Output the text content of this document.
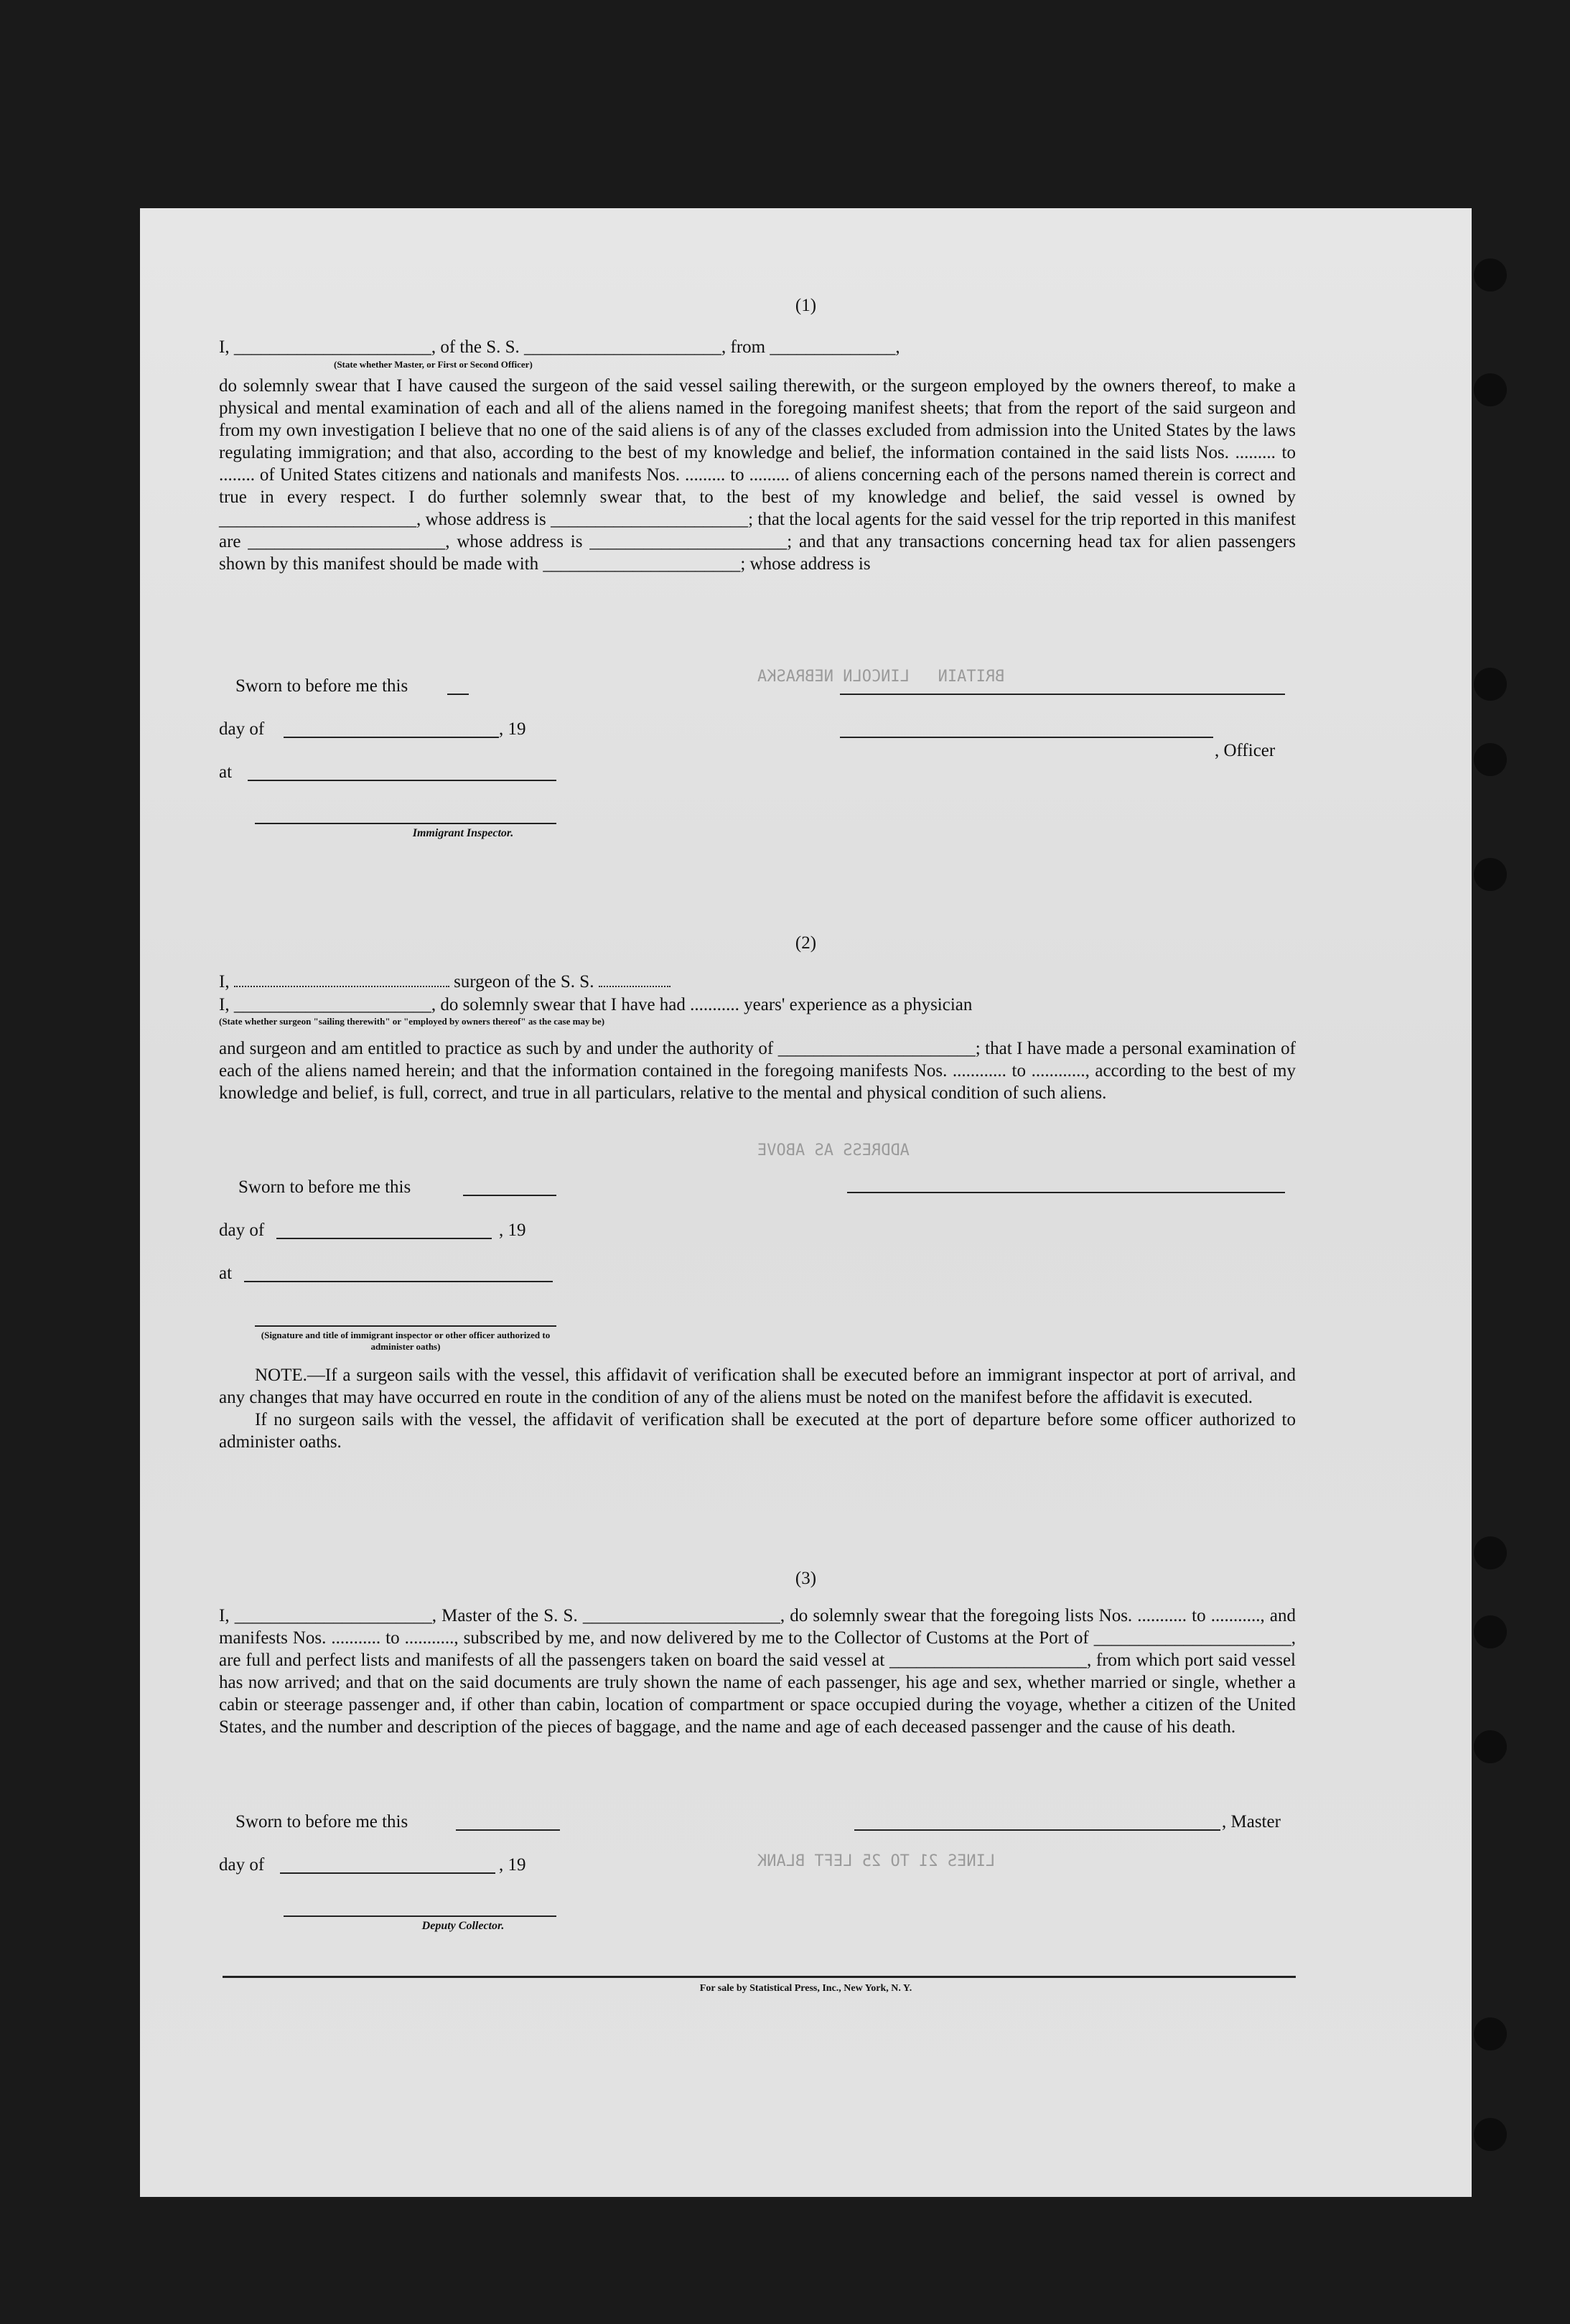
BRITAIN   LINCOLN NEBRASKA
ADDRESS AS ABOVE
LINES 21 TO 25 LEFT BLANK
(1)

I, ______________________, of the S. S. ______________________, from ______________,

(State whether Master, or First or Second Officer)

do solemnly swear that I have caused the surgeon of the said vessel sailing therewith, or the surgeon employed by the owners thereof, to make a physical and mental examination of each and all of the aliens named in the foregoing manifest sheets; that from the report of the said surgeon and from my own investigation I believe that no one of the said aliens is of any of the classes excluded from admission into the United States by the laws regulating immigration; and that also, according to the best of my knowledge and belief, the information contained in the said lists Nos. ......... to ........ of United States citizens and nationals and manifests Nos. ......... to ......... of aliens concerning each of the persons named therein is correct and true in every respect. I do further solemnly swear that, to the best of my knowledge and belief, the said vessel is owned by ______________________, whose address is ______________________; that the local agents for the said vessel for the trip reported in this manifest are ______________________, whose address is ______________________; and that any transactions concerning head tax for alien passengers shown by this manifest should be made with ______________________; whose address is

Sworn to before me this
day of	, 19
at
Immigrant Inspector.
, Officer
(2)
I,	surgeon of the S. S.
I, ______________________, do solemnly swear that I have had ........... years' experience as a physician
(State whether surgeon "sailing therewith" or "employed by owners thereof" as the case may be)

and surgeon and am entitled to practice as such by and under the authority of ______________________; that I have made a personal examination of each of the aliens named herein; and that the information contained in the foregoing manifests Nos. ............ to ............, according to the best of my knowledge and belief, is full, correct, and true in all particulars, relative to the mental and physical condition of such aliens.

Sworn to before me this
day of	, 19
at
(Signature and title of immigrant inspector or other officer authorized to administer oaths)

NOTE.—If a surgeon sails with the vessel, this affidavit of verification shall be executed before an immigrant inspector at port of arrival, and any changes that may have occurred en route in the condition of any of the aliens must be noted on the manifest before the affidavit is executed.

If no surgeon sails with the vessel, the affidavit of verification shall be executed at the port of departure before some officer authorized to administer oaths.

(3)

I, ______________________, Master of the S. S. ______________________, do solemnly swear that the foregoing lists Nos. ........... to ..........., and manifests Nos. ........... to ..........., subscribed by me, and now delivered by me to the Collector of Customs at the Port of ______________________, are full and perfect lists and manifests of all the passengers taken on board the said vessel at ______________________, from which port said vessel has now arrived; and that on the said documents are truly shown the name of each passenger, his age and sex, whether married or single, whether a cabin or steerage passenger and, if other than cabin, location of compartment or space occupied during the voyage, whether a citizen of the United States, and the number and description of the pieces of baggage, and the name and age of each deceased passenger and the cause of his death.

Sworn to before me this
day of	, 19
, Master
Deputy Collector.
For sale by Statistical Press, Inc., New York, N. Y.
